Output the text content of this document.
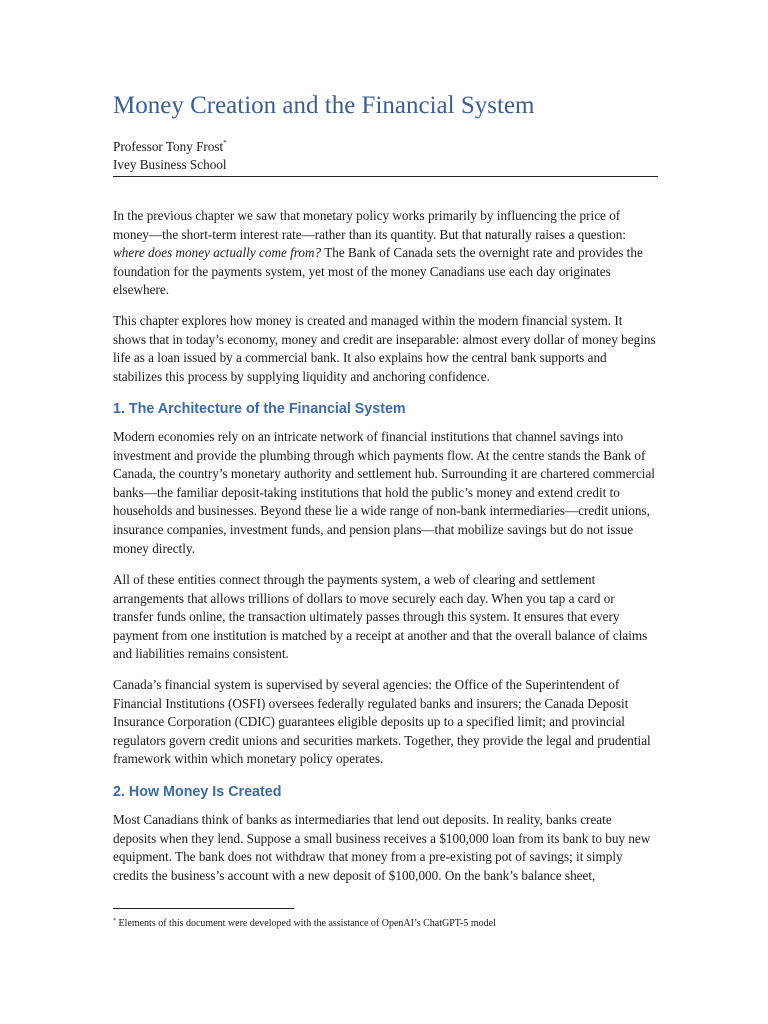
Money Creation and the Financial System
Professor Tony Frost*
Ivey Business School

In the previous chapter we saw that monetary policy works primarily by influencing the price of money—the short-term interest rate—rather than its quantity. But that naturally raises a question: where does money actually come from? The Bank of Canada sets the overnight rate and provides the foundation for the payments system, yet most of the money Canadians use each day originates elsewhere.

This chapter explores how money is created and managed within the modern financial system. It shows that in today’s economy, money and credit are inseparable: almost every dollar of money begins life as a loan issued by a commercial bank. It also explains how the central bank supports and stabilizes this process by supplying liquidity and anchoring confidence.

1. The Architecture of the Financial System

Modern economies rely on an intricate network of financial institutions that channel savings into investment and provide the plumbing through which payments flow. At the centre stands the Bank of Canada, the country’s monetary authority and settlement hub. Surrounding it are chartered commercial banks—the familiar deposit-taking institutions that hold the public’s money and extend credit to households and businesses. Beyond these lie a wide range of non-bank intermediaries—credit unions, insurance companies, investment funds, and pension plans—that mobilize savings but do not issue money directly.

All of these entities connect through the payments system, a web of clearing and settlement arrangements that allows trillions of dollars to move securely each day. When you tap a card or transfer funds online, the transaction ultimately passes through this system. It ensures that every payment from one institution is matched by a receipt at another and that the overall balance of claims and liabilities remains consistent.

Canada’s financial system is supervised by several agencies: the Office of the Superintendent of Financial Institutions (OSFI) oversees federally regulated banks and insurers; the Canada Deposit Insurance Corporation (CDIC) guarantees eligible deposits up to a specified limit; and provincial regulators govern credit unions and securities markets. Together, they provide the legal and prudential framework within which monetary policy operates.

2. How Money Is Created

Most Canadians think of banks as intermediaries that lend out deposits. In reality, banks create deposits when they lend. Suppose a small business receives a $100,000 loan from its bank to buy new equipment. The bank does not withdraw that money from a pre-existing pot of savings; it simply credits the business’s account with a new deposit of $100,000. On the bank’s balance sheet,

* Elements of this document were developed with the assistance of OpenAI’s ChatGPT-5 model
